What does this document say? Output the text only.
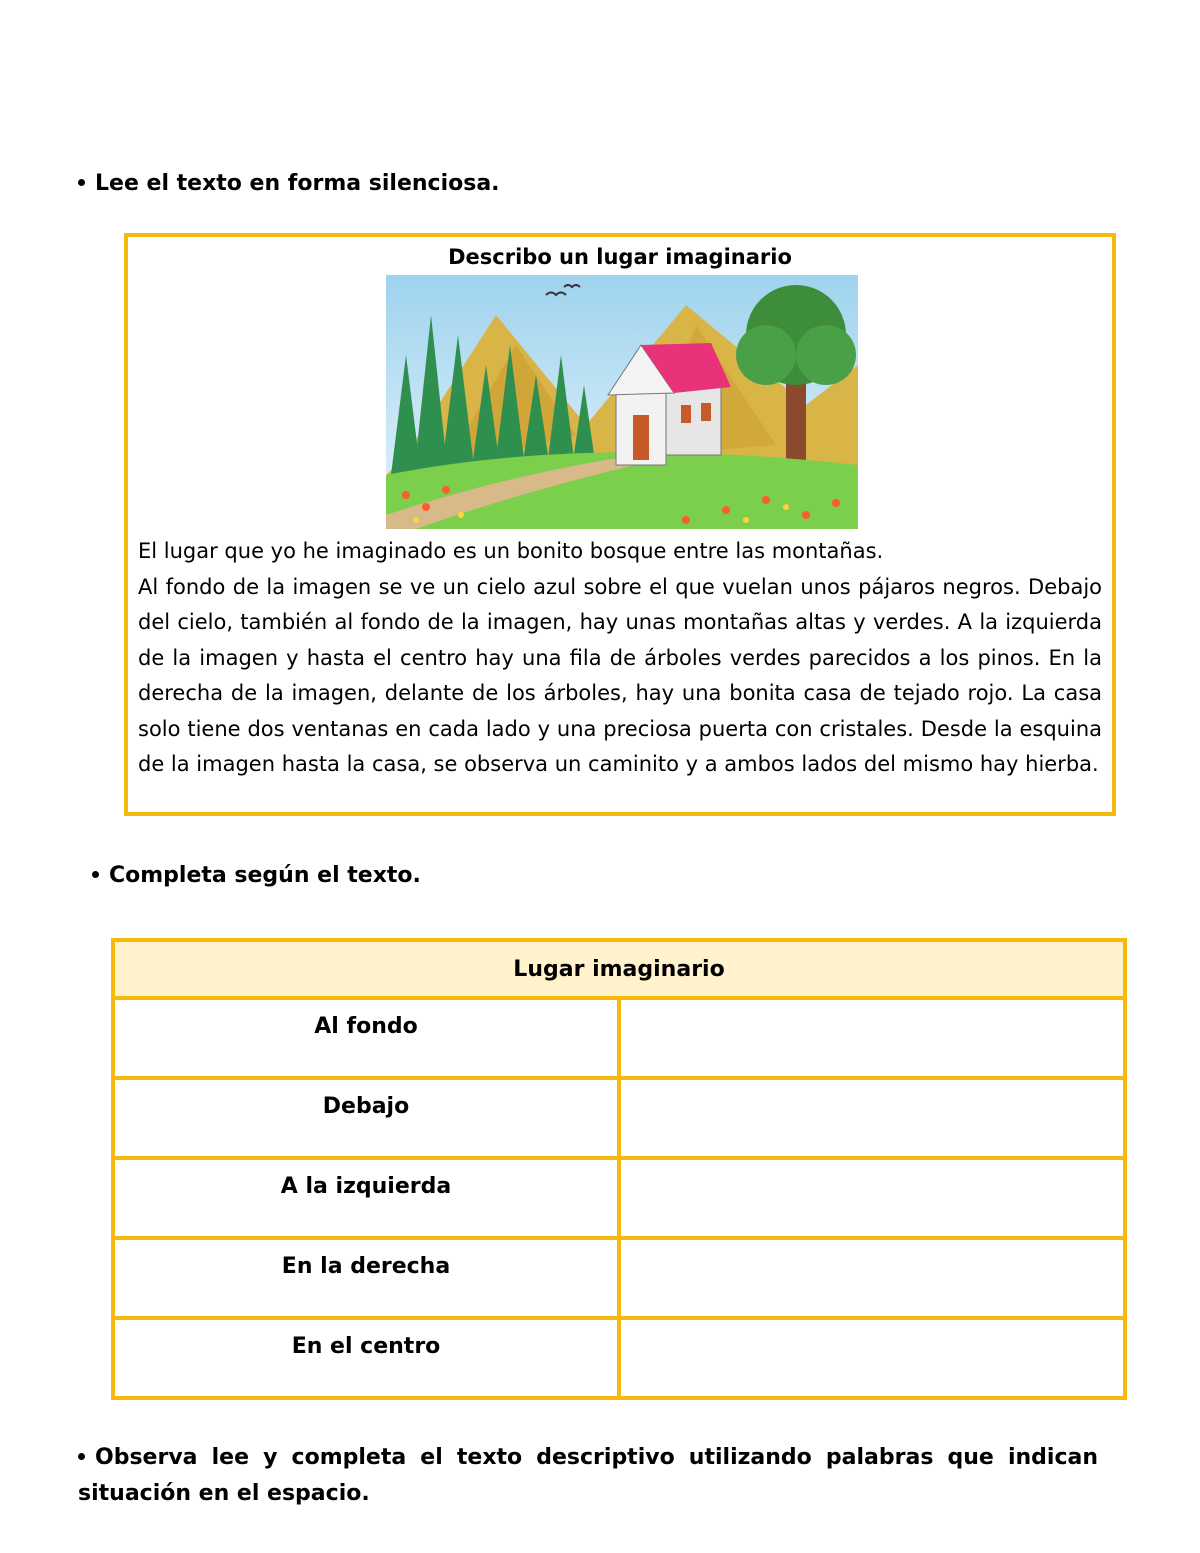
Lee el texto en forma silenciosa.
Describo un lugar imaginario

El lugar que yo he imaginado es un bonito bosque entre las montañas.

Al fondo de la imagen se ve un cielo azul sobre el que vuelan unos pájaros negros. Debajo del cielo, también al fondo de la imagen, hay unas montañas altas y verdes. A la izquierda de la imagen y hasta el centro hay una fila de árboles verdes parecidos a los pinos. En la derecha de la imagen, delante de los árboles, hay una bonita casa de tejado rojo. La casa solo tiene dos ventanas en cada lado y una preciosa puerta con cristales. Desde la esquina de la imagen hasta la casa, se observa un caminito y a ambos lados del mismo hay hierba.

Completa según el texto.
Lugar imaginario	
Al fondo	
Debajo	
A la izquierda	
En la derecha	
En el centro	
Observa lee y completa el texto descriptivo utilizando palabras que indican situación en el espacio.
